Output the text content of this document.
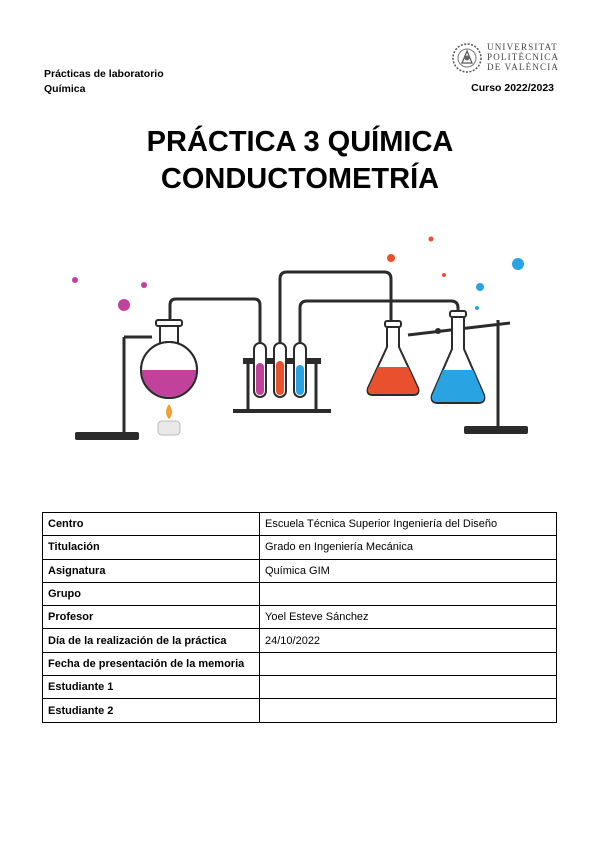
Prácticas de laboratorio
Química	Curso 2022/2023
UNIVERSITAT
POLITÈCNICA
DE VALÈNCIA
PRÁCTICA 3 QUÍMICA
CONDUCTOMETRÍA
Centro	Escuela Técnica Superior Ingeniería del Diseño
Titulación	Grado en Ingeniería Mecánica
Asignatura	Química GIM
Grupo	
Profesor	Yoel Esteve Sánchez
Día de la realización de la práctica	24/10/2022
Fecha de presentación de la memoria	
Estudiante 1	
Estudiante 2	
